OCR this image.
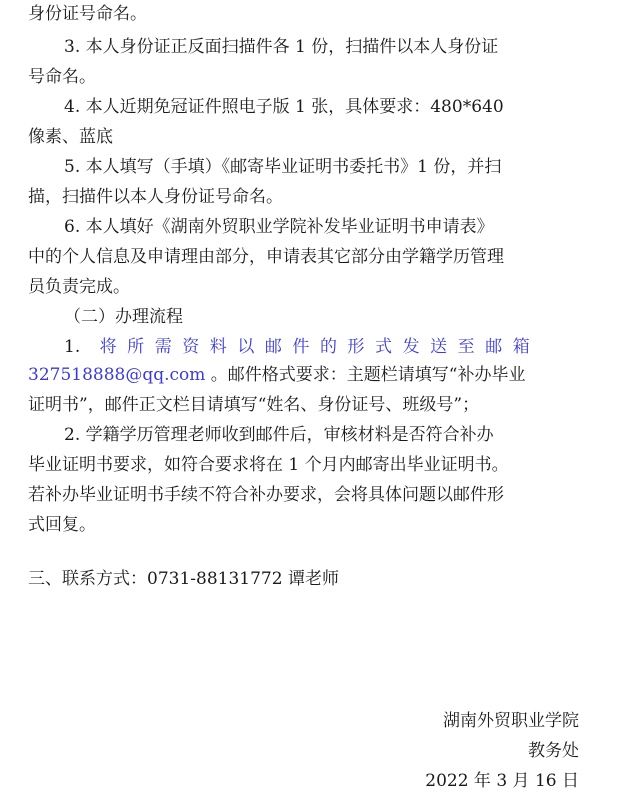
身份证号命名。
3. 本人身份证正反面扫描件各 1 份，扫描件以本人身份证
号命名。
4. 本人近期免冠证件照电子版 1 张，具体要求：480*640
像素、蓝底
5. 本人填写（手填）《邮寄毕业证明书委托书》1 份，并扫
描，扫描件以本人身份证号命名。
6. 本人填好《湖南外贸职业学院补发毕业证明书申请表》
中的个人信息及申请理由部分，申请表其它部分由学籍学历管理
员负责完成。
（二）办理流程
1. 将所需资料以邮件的形式发送至邮箱
327518888@qq.com 。邮件格式要求：主题栏请填写“补办毕业
证明书”，邮件正文栏目请填写“姓名、身份证号、班级号”；
2. 学籍学历管理老师收到邮件后，审核材料是否符合补办
毕业证明书要求，如符合要求将在 1 个月内邮寄出毕业证明书。
若补办毕业证明书手续不符合补办要求，会将具体问题以邮件形
式回复。
三、联系方式：0731-88131772 谭老师
湖南外贸职业学院
教务处
2022 年 3 月 16 日
